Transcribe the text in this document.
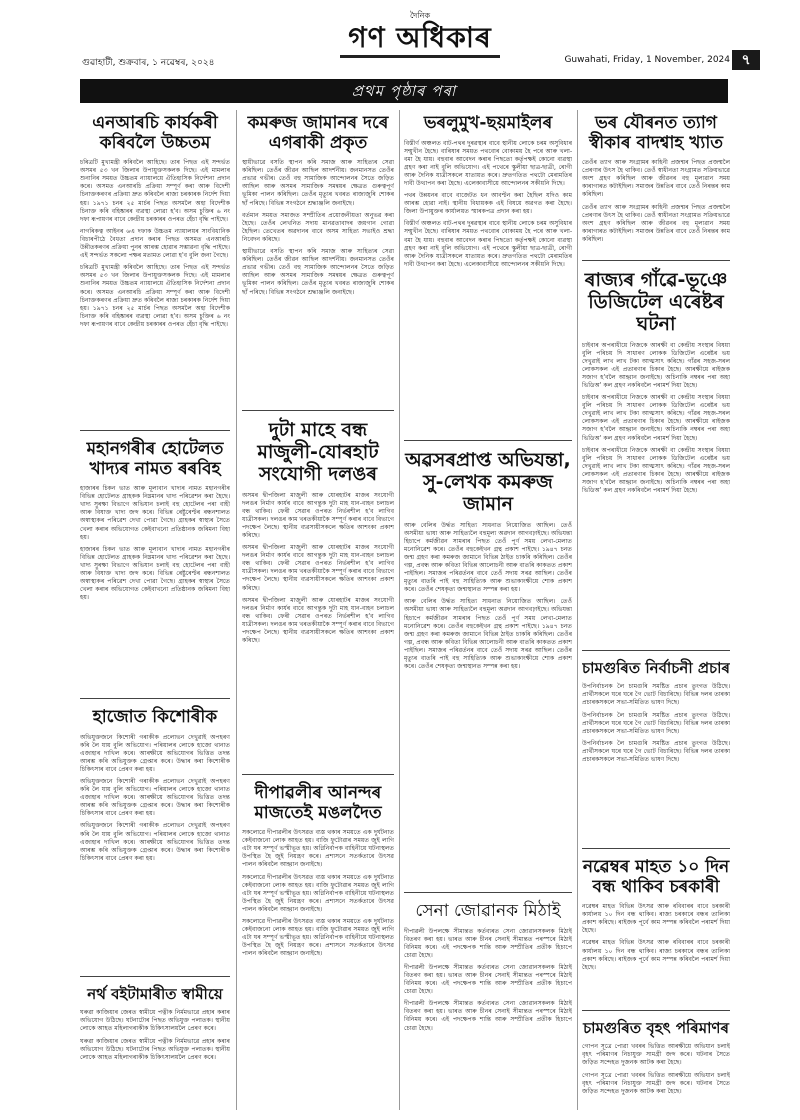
গুৱাহাটী, শুক্ৰবাৰ, ১ নৱেম্বৰ, ২০২৪
দৈনিক
গণ অধিকাৰ
Guwahati, Friday, 1 November, 2024 ৭
প্ৰথম পৃষ্ঠাৰ পৰা
এনআৰচি কাৰ্যকৰী কৰিবলৈ উচ্চতম

চৰিত্ৰটি মুখ্যমন্ত্ৰী কৰিবলৈ আহিছে। তাৰ পিছত এই সন্দৰ্ভত অসমৰ ৫৩ খন জিলাৰ উপায়ুক্তসকলক দিছে। এই মামলাৰ শুনানিৰ সময়ত উচ্চতম ন্যায়ালয়ে ঐতিহাসিক নিৰ্দেশনা প্ৰদান কৰে। অসমত এনআৰচি প্ৰক্ৰিয়া সম্পূৰ্ণ কৰা আৰু বিদেশী চিনাক্তকৰণৰ প্ৰক্ৰিয়া দ্ৰুত কৰিবলৈ ৰাজ্য চৰকাৰক নিৰ্দেশ দিয়া হয়। ১৯৭১ চনৰ ২৫ মাৰ্চৰ পিছত অসমলৈ অহা বিদেশীক চিনাক্ত কৰি বহিষ্কাৰৰ ব্যৱস্থা লোৱা হ'ব। অসম চুক্তিৰ ৬ নং দফা ৰূপায়ণৰ বাবে কেন্দ্ৰীয় চৰকাৰৰ ওপৰত হেঁচা বৃদ্ধি পাইছে।

নাগৰিকত্ব আইনৰ ৬এ দফাক উচ্চতম ন্যায়ালয়ৰ সাংবিধানিক বিচাৰপীঠে বৈধতা প্ৰদান কৰাৰ পিছত অসমত এনআৰচি উন্নীতকৰণৰ প্ৰক্ৰিয়া পুনৰ আৰম্ভ হোৱাৰ সম্ভাৱনা বৃদ্ধি পাইছে। এই সন্দৰ্ভত সকলো পক্ষৰ মতামত লোৱা হ'ব বুলি জনা গৈছে।

চৰিত্ৰটি মুখ্যমন্ত্ৰী কৰিবলৈ আহিছে। তাৰ পিছত এই সন্দৰ্ভত অসমৰ ৫৩ খন জিলাৰ উপায়ুক্তসকলক দিছে। এই মামলাৰ শুনানিৰ সময়ত উচ্চতম ন্যায়ালয়ে ঐতিহাসিক নিৰ্দেশনা প্ৰদান কৰে। অসমত এনআৰচি প্ৰক্ৰিয়া সম্পূৰ্ণ কৰা আৰু বিদেশী চিনাক্তকৰণৰ প্ৰক্ৰিয়া দ্ৰুত কৰিবলৈ ৰাজ্য চৰকাৰক নিৰ্দেশ দিয়া হয়। ১৯৭১ চনৰ ২৫ মাৰ্চৰ পিছত অসমলৈ অহা বিদেশীক চিনাক্ত কৰি বহিষ্কাৰৰ ব্যৱস্থা লোৱা হ'ব। অসম চুক্তিৰ ৬ নং দফা ৰূপায়ণৰ বাবে কেন্দ্ৰীয় চৰকাৰৰ ওপৰত হেঁচা বৃদ্ধি পাইছে।

মহানগৰীৰ হোটেলত খাদ্যৰ নামত ৰৰবিহ

হাজাৰৰ চিকন ভাত আৰু মূল্যবান খাদ্যৰ নামত মহানগৰীৰ বিভিন্ন হোটেলত গ্ৰাহকক নিম্নমানৰ খাদ্য পৰিৱেশন কৰা হৈছে। খাদ্য সুৰক্ষা বিভাগে অভিযান চলাই বহু হোটেলৰ পৰা বাহী আৰু বিষাক্ত খাদ্য জব্দ কৰে। বিভিন্ন ৰেষ্টুৰেণ্টৰ ৰন্ধনশালত অস্বাস্থ্যকৰ পৰিৱেশ দেখা পোৱা গৈছে। গ্ৰাহকৰ স্বাস্থ্যৰ সৈতে খেলা কৰাৰ অভিযোগত কেইবাখনো প্ৰতিষ্ঠানক জৰিমনা বিহা হয়।

হাজাৰৰ চিকন ভাত আৰু মূল্যবান খাদ্যৰ নামত মহানগৰীৰ বিভিন্ন হোটেলত গ্ৰাহকক নিম্নমানৰ খাদ্য পৰিৱেশন কৰা হৈছে। খাদ্য সুৰক্ষা বিভাগে অভিযান চলাই বহু হোটেলৰ পৰা বাহী আৰু বিষাক্ত খাদ্য জব্দ কৰে। বিভিন্ন ৰেষ্টুৰেণ্টৰ ৰন্ধনশালত অস্বাস্থ্যকৰ পৰিৱেশ দেখা পোৱা গৈছে। গ্ৰাহকৰ স্বাস্থ্যৰ সৈতে খেলা কৰাৰ অভিযোগত কেইবাখনো প্ৰতিষ্ঠানক জৰিমনা বিহা হয়।

হাজোত কিশোৰীক

অভিযুক্তজনে কিশোৰী গৰাকীক প্ৰলোভন দেখুৱাই অপহৰণ কৰি লৈ যায় বুলি অভিযোগ। পৰিয়ালৰ লোকে হাজো থানাত এজাহাৰ দাখিল কৰে। আৰক্ষীয়ে অভিযোগৰ ভিত্তিত তদন্ত আৰম্ভ কৰি অভিযুক্তক গ্ৰেপ্তাৰ কৰে। উদ্ধাৰ কৰা কিশোৰীক চিকিৎসাৰ বাবে প্ৰেৰণ কৰা হয়।

অভিযুক্তজনে কিশোৰী গৰাকীক প্ৰলোভন দেখুৱাই অপহৰণ কৰি লৈ যায় বুলি অভিযোগ। পৰিয়ালৰ লোকে হাজো থানাত এজাহাৰ দাখিল কৰে। আৰক্ষীয়ে অভিযোগৰ ভিত্তিত তদন্ত আৰম্ভ কৰি অভিযুক্তক গ্ৰেপ্তাৰ কৰে। উদ্ধাৰ কৰা কিশোৰীক চিকিৎসাৰ বাবে প্ৰেৰণ কৰা হয়।

অভিযুক্তজনে কিশোৰী গৰাকীক প্ৰলোভন দেখুৱাই অপহৰণ কৰি লৈ যায় বুলি অভিযোগ। পৰিয়ালৰ লোকে হাজো থানাত এজাহাৰ দাখিল কৰে। আৰক্ষীয়ে অভিযোগৰ ভিত্তিত তদন্ত আৰম্ভ কৰি অভিযুক্তক গ্ৰেপ্তাৰ কৰে। উদ্ধাৰ কৰা কিশোৰীক চিকিৎসাৰ বাবে প্ৰেৰণ কৰা হয়।

নৰ্থ বইটামাৰীত স্বামীয়ে

ঘৰুৱা কাজিয়াৰ জেৰত স্বামীয়ে পত্নীক নিৰ্মমভাৱে প্ৰহাৰ কৰাৰ অভিযোগ উঠিছে। ঘটনাটোৰ পিছত অভিযুক্ত পলাতক। স্থানীয় লোকে আহত মহিলাগৰাকীক চিকিৎসালয়লৈ প্ৰেৰণ কৰে।

ঘৰুৱা কাজিয়াৰ জেৰত স্বামীয়ে পত্নীক নিৰ্মমভাৱে প্ৰহাৰ কৰাৰ অভিযোগ উঠিছে। ঘটনাটোৰ পিছত অভিযুক্ত পলাতক। স্থানীয় লোকে আহত মহিলাগৰাকীক চিকিৎসালয়লৈ প্ৰেৰণ কৰে।

কমৰুজ জামানৰ দৰে এগৰাকী প্ৰকৃত

স্থায়ীভাৱে বসতি স্থাপন কৰি সমাজ আৰু সাহিত্যৰ সেৱা কৰিছিল। তেওঁৰ জীৱন আছিল আদৰ্শনীয়। জনমানসত তেওঁৰ প্ৰভাৱ গভীৰ। তেওঁ বহু সামাজিক আন্দোলনৰ সৈতে জড়িত আছিল আৰু অসমৰ সামাজিক সমন্বয়ৰ ক্ষেত্ৰত গুৰুত্বপূৰ্ণ ভূমিকা পালন কৰিছিল। তেওঁৰ মৃত্যুৰ খবৰত ৰাজ্যজুৰি শোকৰ ছাঁ পৰিছে। বিভিন্ন সংগঠনে শ্ৰদ্ধাঞ্জলি জনাইছে।

বৰ্তমান সময়ত সমাজত সম্প্ৰীতিৰ প্ৰয়োজনীয়তা অনুভৱ কৰা হৈছে। তেওঁৰ লেখনিত সদায় মানৱতাবাদৰ জয়গান গোৱা হৈছিল। তেখেতৰ অৱদানৰ বাবে অসম সাহিত্য সভাইও শ্ৰদ্ধা নিবেদন কৰিছে।

স্থায়ীভাৱে বসতি স্থাপন কৰি সমাজ আৰু সাহিত্যৰ সেৱা কৰিছিল। তেওঁৰ জীৱন আছিল আদৰ্শনীয়। জনমানসত তেওঁৰ প্ৰভাৱ গভীৰ। তেওঁ বহু সামাজিক আন্দোলনৰ সৈতে জড়িত আছিল আৰু অসমৰ সামাজিক সমন্বয়ৰ ক্ষেত্ৰত গুৰুত্বপূৰ্ণ ভূমিকা পালন কৰিছিল। তেওঁৰ মৃত্যুৰ খবৰত ৰাজ্যজুৰি শোকৰ ছাঁ পৰিছে। বিভিন্ন সংগঠনে শ্ৰদ্ধাঞ্জলি জনাইছে।

দুটা মাহে বন্ধ মাজুলী-যোৰহাট সংযোগী দলঙৰ

অসমৰ দ্বীপজিলা মাজুলী আৰু যোৰহাটৰ মাজৰ সংযোগী দলঙৰ নিৰ্মাণ কাৰ্যৰ বাবে আগন্তুক দুটা মাহ যান-বাহন চলাচল বন্ধ থাকিব। ফেৰী সেৱাৰ ওপৰত নিৰ্ভৰশীল হ'ব লাগিব যাত্ৰীসকল। দলঙৰ কাম খৰতকীয়াকৈ সম্পূৰ্ণ কৰাৰ বাবে বিভাগে পদক্ষেপ লৈছে। স্থানীয় ব্যৱসায়ীসকলে ক্ষতিৰ আশংকা প্ৰকাশ কৰিছে।

অসমৰ দ্বীপজিলা মাজুলী আৰু যোৰহাটৰ মাজৰ সংযোগী দলঙৰ নিৰ্মাণ কাৰ্যৰ বাবে আগন্তুক দুটা মাহ যান-বাহন চলাচল বন্ধ থাকিব। ফেৰী সেৱাৰ ওপৰত নিৰ্ভৰশীল হ'ব লাগিব যাত্ৰীসকল। দলঙৰ কাম খৰতকীয়াকৈ সম্পূৰ্ণ কৰাৰ বাবে বিভাগে পদক্ষেপ লৈছে। স্থানীয় ব্যৱসায়ীসকলে ক্ষতিৰ আশংকা প্ৰকাশ কৰিছে।

অসমৰ দ্বীপজিলা মাজুলী আৰু যোৰহাটৰ মাজৰ সংযোগী দলঙৰ নিৰ্মাণ কাৰ্যৰ বাবে আগন্তুক দুটা মাহ যান-বাহন চলাচল বন্ধ থাকিব। ফেৰী সেৱাৰ ওপৰত নিৰ্ভৰশীল হ'ব লাগিব যাত্ৰীসকল। দলঙৰ কাম খৰতকীয়াকৈ সম্পূৰ্ণ কৰাৰ বাবে বিভাগে পদক্ষেপ লৈছে। স্থানীয় ব্যৱসায়ীসকলে ক্ষতিৰ আশংকা প্ৰকাশ কৰিছে।

দীপাৱলীৰ আনন্দৰ মাজতেই মঙলদৈত

সকলোৱে দীপাৱলীৰ উৎসৱত ব্যস্ত থকাৰ সময়তে এক দুৰ্ঘটনাত কেইবাজনো লোক আহত হয়। বাজি ফুটোৱাৰ সময়ত জুই লাগি এটা ঘৰ সম্পূৰ্ণ ভস্মীভূত হয়। অগ্নিনিৰ্বাপক বাহিনীয়ে ঘটনাস্থলত উপস্থিত হৈ জুই নিয়ন্ত্ৰণ কৰে। প্ৰশাসনে সতৰ্কতাৰে উৎসৱ পালন কৰিবলৈ আহ্বান জনাইছে।

সকলোৱে দীপাৱলীৰ উৎসৱত ব্যস্ত থকাৰ সময়তে এক দুৰ্ঘটনাত কেইবাজনো লোক আহত হয়। বাজি ফুটোৱাৰ সময়ত জুই লাগি এটা ঘৰ সম্পূৰ্ণ ভস্মীভূত হয়। অগ্নিনিৰ্বাপক বাহিনীয়ে ঘটনাস্থলত উপস্থিত হৈ জুই নিয়ন্ত্ৰণ কৰে। প্ৰশাসনে সতৰ্কতাৰে উৎসৱ পালন কৰিবলৈ আহ্বান জনাইছে।

সকলোৱে দীপাৱলীৰ উৎসৱত ব্যস্ত থকাৰ সময়তে এক দুৰ্ঘটনাত কেইবাজনো লোক আহত হয়। বাজি ফুটোৱাৰ সময়ত জুই লাগি এটা ঘৰ সম্পূৰ্ণ ভস্মীভূত হয়। অগ্নিনিৰ্বাপক বাহিনীয়ে ঘটনাস্থলত উপস্থিত হৈ জুই নিয়ন্ত্ৰণ কৰে। প্ৰশাসনে সতৰ্কতাৰে উৎসৱ পালন কৰিবলৈ আহ্বান জনাইছে।

ভৰলুমুখ-ছয়মাইলৰ

বিস্তীৰ্ণ অঞ্চলত বাট-পথৰ দুৰৱস্থাৰ বাবে স্থানীয় লোকে চৰম অসুবিধাৰ সন্মুখীন হৈছে। বাৰিষাৰ সময়ত পথবোৰ বোকাময় হৈ পৰে আৰু খলা-বমা হৈ যায়। বহুবাৰ আবেদন কৰাৰ পিছতো কৰ্তৃপক্ষই কোনো ব্যৱস্থা গ্ৰহণ কৰা নাই বুলি অভিযোগ। এই পথেৰে স্কুলীয়া ছাত্ৰ-ছাত্ৰী, ৰোগী আৰু দৈনিক যাত্ৰীসকলে যাতায়ত কৰে। দ্ৰুতগতিত পথটো মেৰামতিৰ দাবী উত্থাপন কৰা হৈছে। এলেকাবাসীয়ে আন্দোলনৰ সকীয়নি দিছে।

পথৰ উন্নয়নৰ বাবে বাজেটত ধন আবণ্টন কৰা হৈছিল যদিও কাম আৰম্ভ হোৱা নাই। স্থানীয় বিধায়কক এই বিষয়ে অৱগত কৰা হৈছে। জিলা উপায়ুক্তৰ কাৰ্যালয়ত স্মাৰকপত্ৰ প্ৰদান কৰা হয়।

বিস্তীৰ্ণ অঞ্চলত বাট-পথৰ দুৰৱস্থাৰ বাবে স্থানীয় লোকে চৰম অসুবিধাৰ সন্মুখীন হৈছে। বাৰিষাৰ সময়ত পথবোৰ বোকাময় হৈ পৰে আৰু খলা-বমা হৈ যায়। বহুবাৰ আবেদন কৰাৰ পিছতো কৰ্তৃপক্ষই কোনো ব্যৱস্থা গ্ৰহণ কৰা নাই বুলি অভিযোগ। এই পথেৰে স্কুলীয়া ছাত্ৰ-ছাত্ৰী, ৰোগী আৰু দৈনিক যাত্ৰীসকলে যাতায়ত কৰে। দ্ৰুতগতিত পথটো মেৰামতিৰ দাবী উত্থাপন কৰা হৈছে। এলেকাবাসীয়ে আন্দোলনৰ সকীয়নি দিছে।

অৱসৰপ্ৰাপ্ত অভিযন্তা, সু-লেখক কমৰুজ জামান

আৰু বেলিৰ উৰ্দ্ধত সাহিত্য সাধনাত নিয়োজিত আছিল। তেওঁ অসমীয়া ভাষা আৰু সাহিত্যলৈ বহুমূল্য অৱদান আগবঢ়াইছে। অভিযন্তা হিচাপে কৰ্মজীৱন সামৰাৰ পিছত তেওঁ পূৰ্ণ সময় লেখা-মেলাত মনোনিৱেশ কৰে। তেওঁৰ বহুকেইখন গ্ৰন্থ প্ৰকাশ পাইছে। ১৯৪৭ চনত জন্ম গ্ৰহণ কৰা কমৰুজ জামানে বিভিন্ন ঠাইত চাকৰি কৰিছিল। তেওঁৰ গল্প, প্ৰবন্ধ আৰু কবিতা বিভিন্ন আলোচনী আৰু বাতৰি কাকতত প্ৰকাশ পাইছিল। সমাজৰ পৰিৱৰ্তনৰ বাবে তেওঁ সদায় সৰৱ আছিল। তেওঁৰ মৃত্যুৰ বাতৰি পাই বহু সাহিত্যিক আৰু শুভাকাংক্ষীয়ে শোক প্ৰকাশ কৰে। তেওঁৰ শেষকৃত্য জন্মস্থানত সম্পন্ন কৰা হয়।

আৰু বেলিৰ উৰ্দ্ধত সাহিত্য সাধনাত নিয়োজিত আছিল। তেওঁ অসমীয়া ভাষা আৰু সাহিত্যলৈ বহুমূল্য অৱদান আগবঢ়াইছে। অভিযন্তা হিচাপে কৰ্মজীৱন সামৰাৰ পিছত তেওঁ পূৰ্ণ সময় লেখা-মেলাত মনোনিৱেশ কৰে। তেওঁৰ বহুকেইখন গ্ৰন্থ প্ৰকাশ পাইছে। ১৯৪৭ চনত জন্ম গ্ৰহণ কৰা কমৰুজ জামানে বিভিন্ন ঠাইত চাকৰি কৰিছিল। তেওঁৰ গল্প, প্ৰবন্ধ আৰু কবিতা বিভিন্ন আলোচনী আৰু বাতৰি কাকতত প্ৰকাশ পাইছিল। সমাজৰ পৰিৱৰ্তনৰ বাবে তেওঁ সদায় সৰৱ আছিল। তেওঁৰ মৃত্যুৰ বাতৰি পাই বহু সাহিত্যিক আৰু শুভাকাংক্ষীয়ে শোক প্ৰকাশ কৰে। তেওঁৰ শেষকৃত্য জন্মস্থানত সম্পন্ন কৰা হয়।

সেনা জোৱানক মিঠাই

দীপাৱলী উপলক্ষে সীমান্তত কৰ্তব্যৰত সেনা জোৱানসকলক মিঠাই বিতৰণ কৰা হয়। ভাৰত আৰু চীনৰ সেনাই সীমান্তত পৰস্পৰে মিঠাই বিনিময় কৰে। এই পদক্ষেপক শান্তি আৰু সম্প্ৰীতিৰ প্ৰতীক হিচাপে চোৱা হৈছে।

দীপাৱলী উপলক্ষে সীমান্তত কৰ্তব্যৰত সেনা জোৱানসকলক মিঠাই বিতৰণ কৰা হয়। ভাৰত আৰু চীনৰ সেনাই সীমান্তত পৰস্পৰে মিঠাই বিনিময় কৰে। এই পদক্ষেপক শান্তি আৰু সম্প্ৰীতিৰ প্ৰতীক হিচাপে চোৱা হৈছে।

দীপাৱলী উপলক্ষে সীমান্তত কৰ্তব্যৰত সেনা জোৱানসকলক মিঠাই বিতৰণ কৰা হয়। ভাৰত আৰু চীনৰ সেনাই সীমান্তত পৰস্পৰে মিঠাই বিনিময় কৰে। এই পদক্ষেপক শান্তি আৰু সম্প্ৰীতিৰ প্ৰতীক হিচাপে চোৱা হৈছে।

ভৰ যৌৰনত ত্যাগ স্বীকাৰ বাদশ্বাহ খ্যাত

তেওঁৰ ত্যাগ আৰু সংগ্ৰামৰ কাহিনী প্ৰজন্মৰ পিছত প্ৰজন্মলৈ প্ৰেৰণাৰ উৎস হৈ থাকিব। তেওঁ স্বাধীনতা সংগ্ৰামত সক্ৰিয়ভাৱে অংশ গ্ৰহণ কৰিছিল আৰু জীৱনৰ বহু মূল্যৱান সময় কাৰাগাৰত কটাইছিল। সমাজৰ উন্নতিৰ বাবে তেওঁ নিৰন্তৰ কাম কৰিছিল।

তেওঁৰ ত্যাগ আৰু সংগ্ৰামৰ কাহিনী প্ৰজন্মৰ পিছত প্ৰজন্মলৈ প্ৰেৰণাৰ উৎস হৈ থাকিব। তেওঁ স্বাধীনতা সংগ্ৰামত সক্ৰিয়ভাৱে অংশ গ্ৰহণ কৰিছিল আৰু জীৱনৰ বহু মূল্যৱান সময় কাৰাগাৰত কটাইছিল। সমাজৰ উন্নতিৰ বাবে তেওঁ নিৰন্তৰ কাম কৰিছিল।

ৰাজ্যৰ গাঁৱে-ভূঞে ডিজিটেল এৰেষ্টৰ ঘটনা

চাইবাৰ অপৰাধীয়ে নিজকে আৰক্ষী বা কেন্দ্ৰীয় সংস্থাৰ বিষয়া বুলি পৰিচয় দি সাধাৰণ লোকক ডিজিটেল এৰেষ্টৰ ভয় দেখুৱাই লাখ লাখ টকা আত্মসাৎ কৰিছে। গাঁৱৰ সহজ-সৰল লোকসকল এই প্ৰতাৰণাৰ চিকাৰ হৈছে। আৰক্ষীয়ে ৰাইজক সজাগ হ'বলৈ আহ্বান জনাইছে। অচিনাকি নম্বৰৰ পৰা অহা ভিডিঅ' কল গ্ৰহণ নকৰিবলৈ পৰামৰ্শ দিয়া হৈছে।

চাইবাৰ অপৰাধীয়ে নিজকে আৰক্ষী বা কেন্দ্ৰীয় সংস্থাৰ বিষয়া বুলি পৰিচয় দি সাধাৰণ লোকক ডিজিটেল এৰেষ্টৰ ভয় দেখুৱাই লাখ লাখ টকা আত্মসাৎ কৰিছে। গাঁৱৰ সহজ-সৰল লোকসকল এই প্ৰতাৰণাৰ চিকাৰ হৈছে। আৰক্ষীয়ে ৰাইজক সজাগ হ'বলৈ আহ্বান জনাইছে। অচিনাকি নম্বৰৰ পৰা অহা ভিডিঅ' কল গ্ৰহণ নকৰিবলৈ পৰামৰ্শ দিয়া হৈছে।

চাইবাৰ অপৰাধীয়ে নিজকে আৰক্ষী বা কেন্দ্ৰীয় সংস্থাৰ বিষয়া বুলি পৰিচয় দি সাধাৰণ লোকক ডিজিটেল এৰেষ্টৰ ভয় দেখুৱাই লাখ লাখ টকা আত্মসাৎ কৰিছে। গাঁৱৰ সহজ-সৰল লোকসকল এই প্ৰতাৰণাৰ চিকাৰ হৈছে। আৰক্ষীয়ে ৰাইজক সজাগ হ'বলৈ আহ্বান জনাইছে। অচিনাকি নম্বৰৰ পৰা অহা ভিডিঅ' কল গ্ৰহণ নকৰিবলৈ পৰামৰ্শ দিয়া হৈছে।

চামগুৰিত নিৰ্বাচনী প্ৰচাৰ

উপনিৰ্বাচনক লৈ চামগুৰি সমষ্টিত প্ৰচাৰ তুংগত উঠিছে। প্ৰাৰ্থীসকলে ঘৰে ঘৰে গৈ ভোট বিচাৰিছে। বিভিন্ন দলৰ তাৰকা প্ৰচাৰকসকলে সভা-সমিতিত ভাষণ দিছে।

উপনিৰ্বাচনক লৈ চামগুৰি সমষ্টিত প্ৰচাৰ তুংগত উঠিছে। প্ৰাৰ্থীসকলে ঘৰে ঘৰে গৈ ভোট বিচাৰিছে। বিভিন্ন দলৰ তাৰকা প্ৰচাৰকসকলে সভা-সমিতিত ভাষণ দিছে।

উপনিৰ্বাচনক লৈ চামগুৰি সমষ্টিত প্ৰচাৰ তুংগত উঠিছে। প্ৰাৰ্থীসকলে ঘৰে ঘৰে গৈ ভোট বিচাৰিছে। বিভিন্ন দলৰ তাৰকা প্ৰচাৰকসকলে সভা-সমিতিত ভাষণ দিছে।

নৱেম্বৰ মাহত ১০ দিন বন্ধ থাকিব চৰকাৰী

নৱেম্বৰ মাহত বিভিন্ন উৎসৱ আৰু ৰবিবাৰৰ বাবে চৰকাৰী কাৰ্যালয় ১০ দিন বন্ধ থাকিব। ৰাজ্য চৰকাৰে বন্ধৰ তালিকা প্ৰকাশ কৰিছে। ৰাইজক পূৰ্বে কাম সম্পন্ন কৰিবলৈ পৰামৰ্শ দিয়া হৈছে।

নৱেম্বৰ মাহত বিভিন্ন উৎসৱ আৰু ৰবিবাৰৰ বাবে চৰকাৰী কাৰ্যালয় ১০ দিন বন্ধ থাকিব। ৰাজ্য চৰকাৰে বন্ধৰ তালিকা প্ৰকাশ কৰিছে। ৰাইজক পূৰ্বে কাম সম্পন্ন কৰিবলৈ পৰামৰ্শ দিয়া হৈছে।

চামগুৰিত বৃহৎ পৰিমাণৰ

গোপন সূত্ৰে পোৱা খবৰৰ ভিত্তিত আৰক্ষীয়ে অভিযান চলাই বৃহৎ পৰিমাণৰ নিচাযুক্ত সামগ্ৰী জব্দ কৰে। ঘটনাৰ সৈতে জড়িত সন্দেহত দুজনক আটক কৰা হৈছে।

গোপন সূত্ৰে পোৱা খবৰৰ ভিত্তিত আৰক্ষীয়ে অভিযান চলাই বৃহৎ পৰিমাণৰ নিচাযুক্ত সামগ্ৰী জব্দ কৰে। ঘটনাৰ সৈতে জড়িত সন্দেহত দুজনক আটক কৰা হৈছে।
